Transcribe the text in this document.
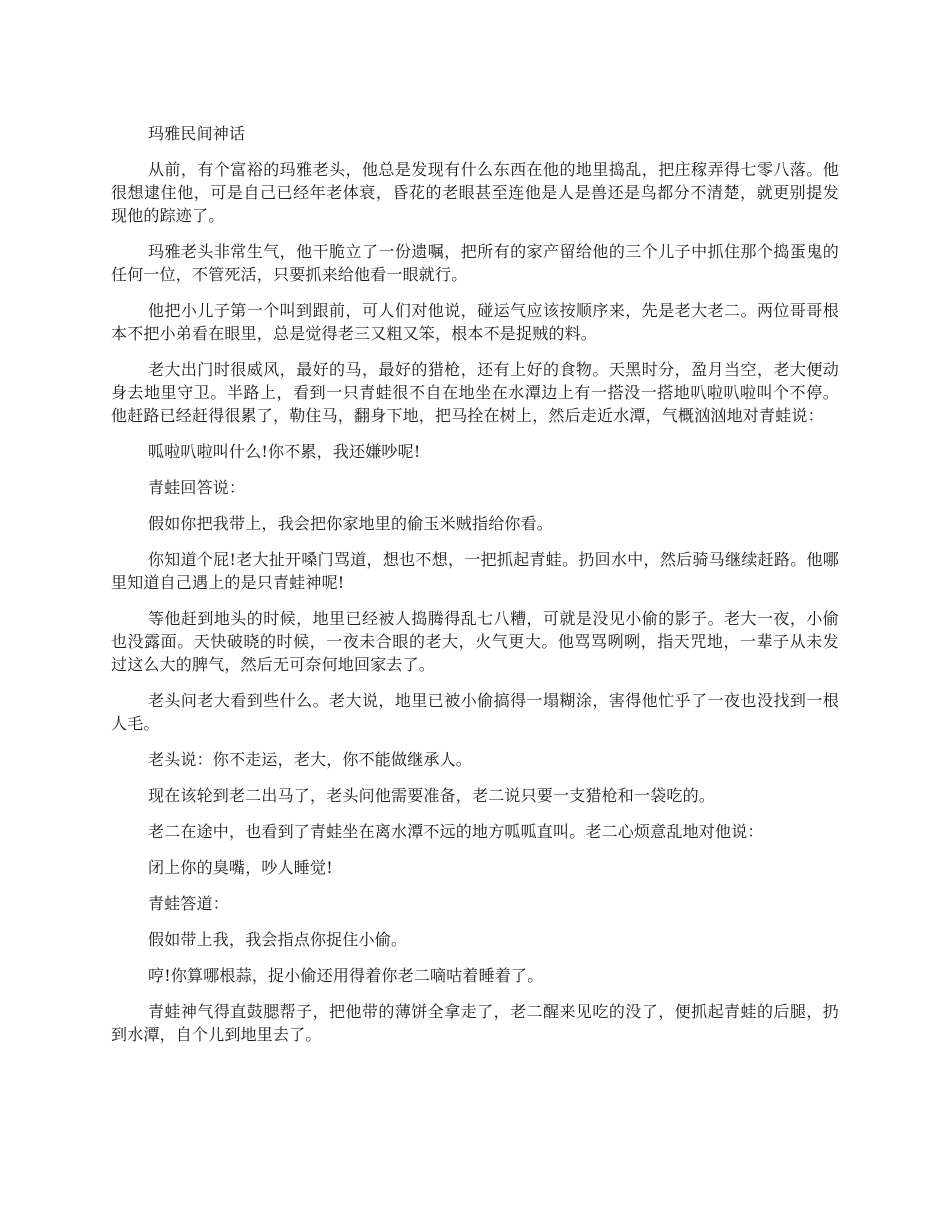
玛雅民间神话

从前，有个富裕的玛雅老头，他总是发现有什么东西在他的地里捣乱，把庄稼弄得七零八落。他很想逮住他，可是自己已经年老体衰，昏花的老眼甚至连他是人是兽还是鸟都分不清楚，就更别提发现他的踪迹了。

玛雅老头非常生气，他干脆立了一份遗嘱，把所有的家产留给他的三个儿子中抓住那个捣蛋鬼的任何一位，不管死活，只要抓来给他看一眼就行。

他把小儿子第一个叫到跟前，可人们对他说，碰运气应该按顺序来，先是老大老二。两位哥哥根本不把小弟看在眼里，总是觉得老三又粗又笨，根本不是捉贼的料。

老大出门时很威风，最好的马，最好的猎枪，还有上好的食物。天黑时分，盈月当空，老大便动身去地里守卫。半路上，看到一只青蛙很不自在地坐在水潭边上有一搭没一搭地叭啦叭啦叫个不停。他赶路已经赶得很累了，勒住马，翻身下地，把马拴在树上，然后走近水潭，气概汹汹地对青蛙说：

呱啦叭啦叫什么!你不累，我还嫌吵呢!

青蛙回答说：

假如你把我带上，我会把你家地里的偷玉米贼指给你看。

你知道个屁!老大扯开嗓门骂道，想也不想，一把抓起青蛙。扔回水中，然后骑马继续赶路。他哪里知道自己遇上的是只青蛙神呢!

等他赶到地头的时候，地里已经被人捣腾得乱七八糟，可就是没见小偷的影子。老大一夜，小偷也没露面。天快破晓的时候，一夜未合眼的老大，火气更大。他骂骂咧咧，指天咒地，一辈子从未发过这么大的脾气，然后无可奈何地回家去了。

老头问老大看到些什么。老大说，地里已被小偷搞得一塌糊涂，害得他忙乎了一夜也没找到一根人毛。

老头说：你不走运，老大，你不能做继承人。

现在该轮到老二出马了，老头问他需要准备，老二说只要一支猎枪和一袋吃的。

老二在途中，也看到了青蛙坐在离水潭不远的地方呱呱直叫。老二心烦意乱地对他说：

闭上你的臭嘴，吵人睡觉!

青蛙答道：

假如带上我，我会指点你捉住小偷。

哼!你算哪根蒜，捉小偷还用得着你老二嘀咕着睡着了。

青蛙神气得直鼓腮帮子，把他带的薄饼全拿走了，老二醒来见吃的没了，便抓起青蛙的后腿，扔到水潭，自个儿到地里去了。
